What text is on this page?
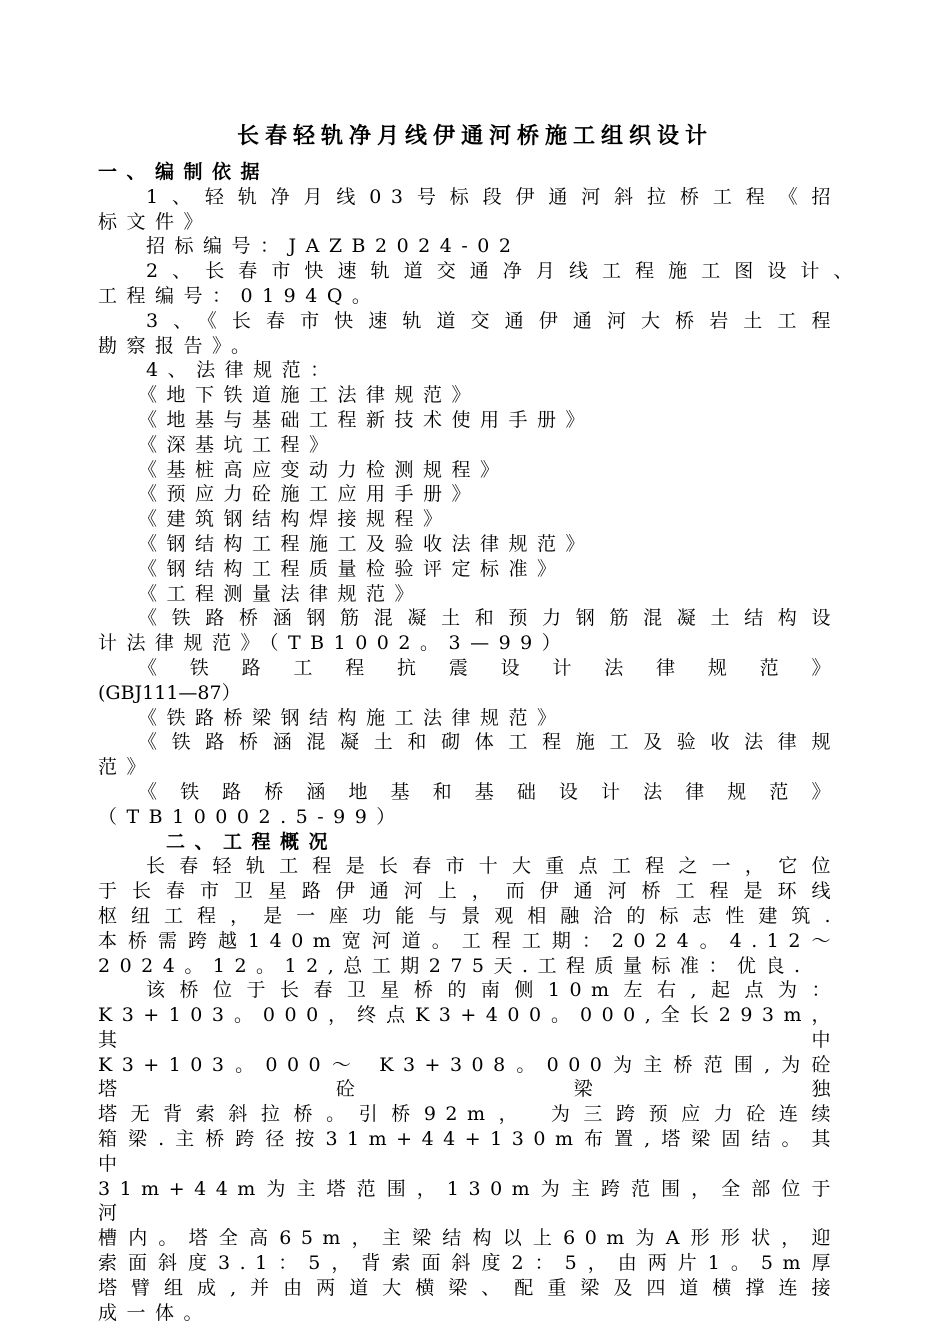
长春轻轨净月线伊通河桥施工组织设计

一、编制依据

1、轻轨净月线03号标段伊通河斜拉桥工程《招

标文件》

招标编号：JAZB2024-02

2、长春市快速轨道交通净月线工程施工图设计、

工程编号：0194Q。

3、《长春市快速轨道交通伊通河大桥岩土工程

勘察报告》。

4、法律规范：

《地下铁道施工法律规范》

《地基与基础工程新技术使用手册》

《深基坑工程》

《基桩高应变动力检测规程》

《预应力砼施工应用手册》

《建筑钢结构焊接规程》

《钢结构工程施工及验收法律规范》

《钢结构工程质量检验评定标准》

《工程测量法律规范》

《铁路桥涵钢筋混凝土和预力钢筋混凝土结构设

计法律规范》（TB1002。3—99）

《铁路工程抗震设计法律规范》

(GBJ111—87）

《铁路桥梁钢结构施工法律规范》

《铁路桥涵混凝土和砌体工程施工及验收法律规

范》

《铁路桥涵地基和基础设计法律规范》

（TB10002.5-99）

二、工程概况

长春轻轨工程是长春市十大重点工程之一，它位

于长春市卫星路伊通河上，而伊通河桥工程是环线

枢纽工程，是一座功能与景观相融洽的标志性建筑.

本桥需跨越140m宽河道。工程工期：2024。4.12～

2024。12。12,总工期275天.工程质量标准：优良.

该桥位于长春卫星桥的南侧10m左右,起点为：

K3+103。000，终点K3+400。000,全长293m，其中

K3+103。000～ K3+308。000为主桥范围,为砼塔砼梁独

塔无背索斜拉桥。引桥92m， 为三跨预应力砼连续

箱梁.主桥跨径按31m+44+130m布置,塔梁固结。其中

31m+44m为主塔范围，130m为主跨范围，全部位于河

槽内。塔全高65m，主梁结构以上60m为A形形状，迎

索面斜度3.1：5，背索面斜度2：5，由两片1。5m厚

塔臂组成,并由两道大横梁、配重梁及四道横撑连接

成一体。
